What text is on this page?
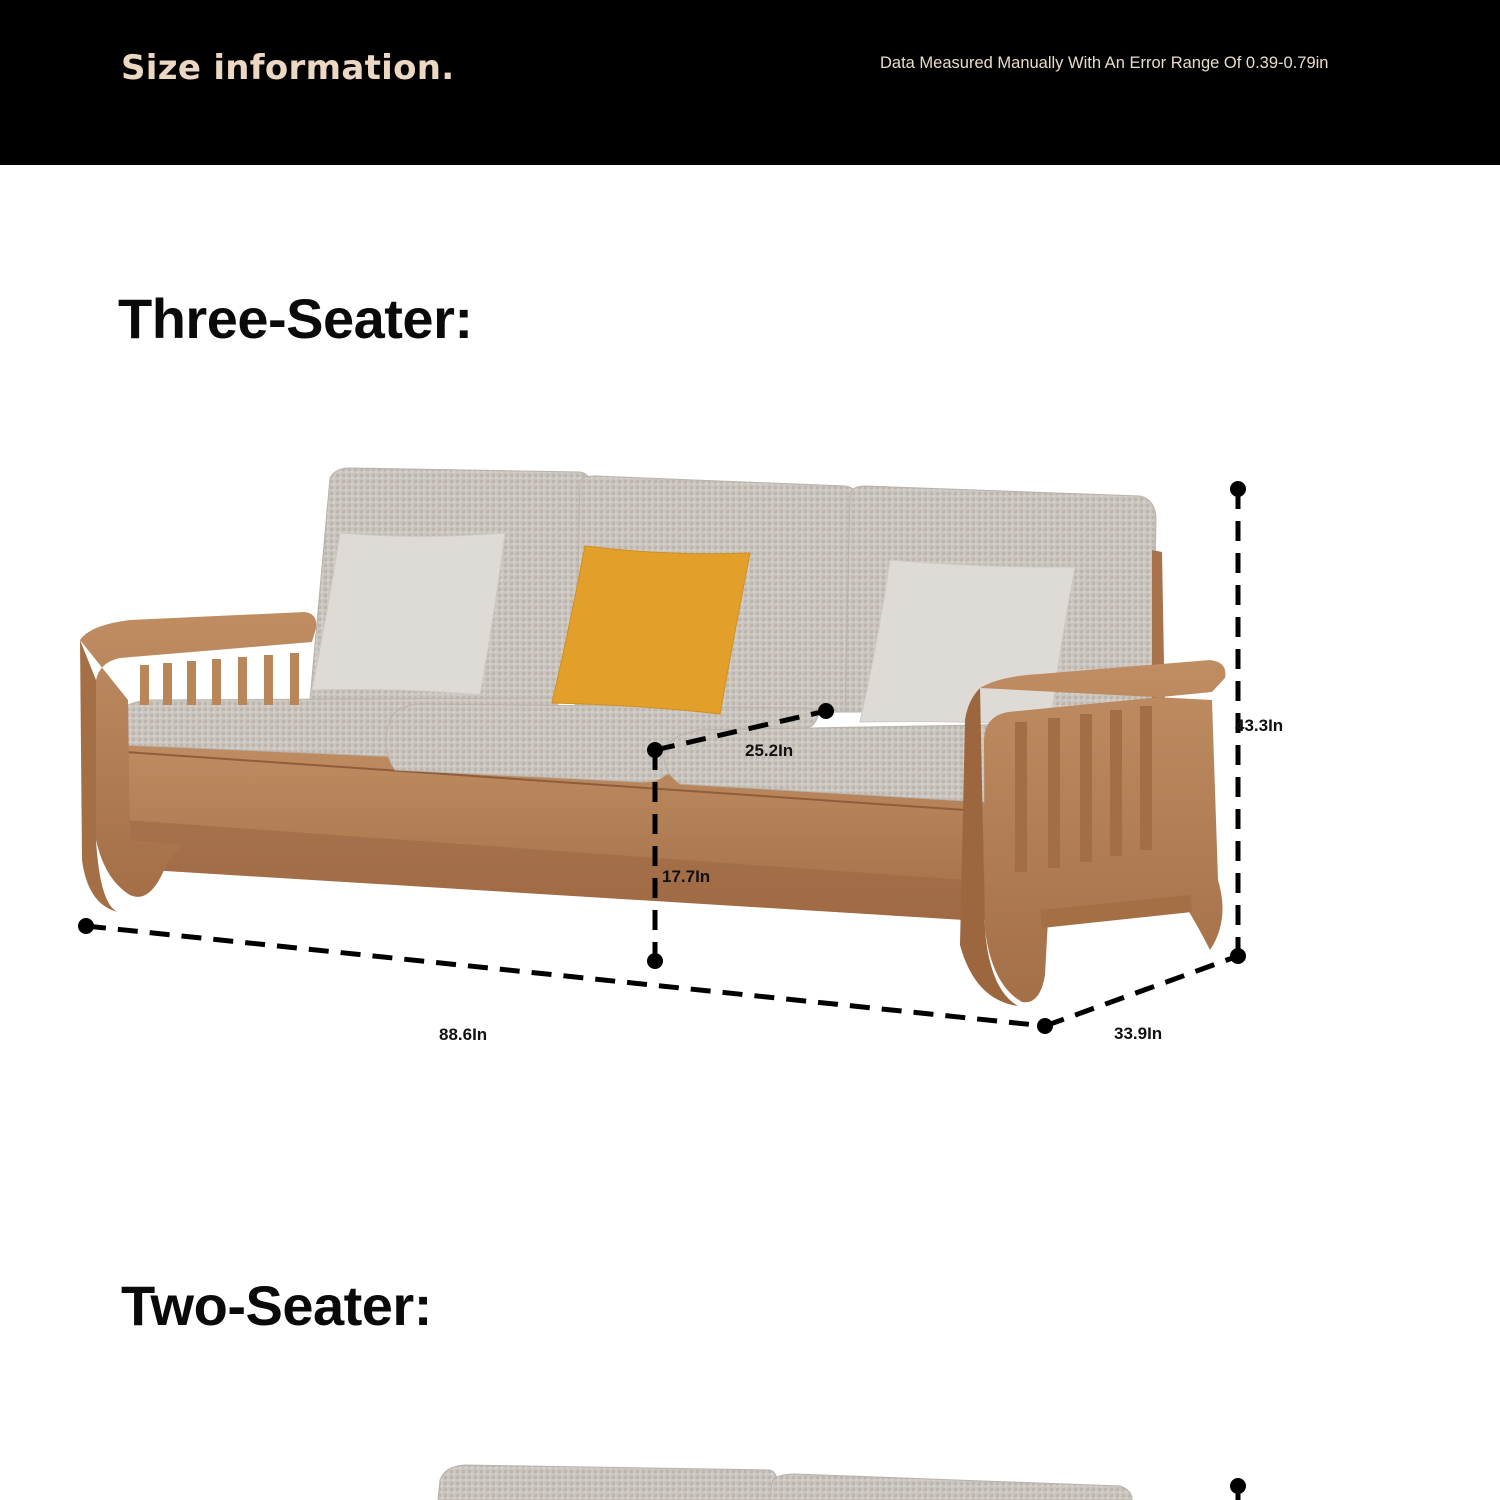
Size information.	Data Measured Manually With An Error Range Of 0.39-0.79in
Three-Seater:
25.2In
17.7In
43.3In
88.6In	33.9In
Two-Seater:
